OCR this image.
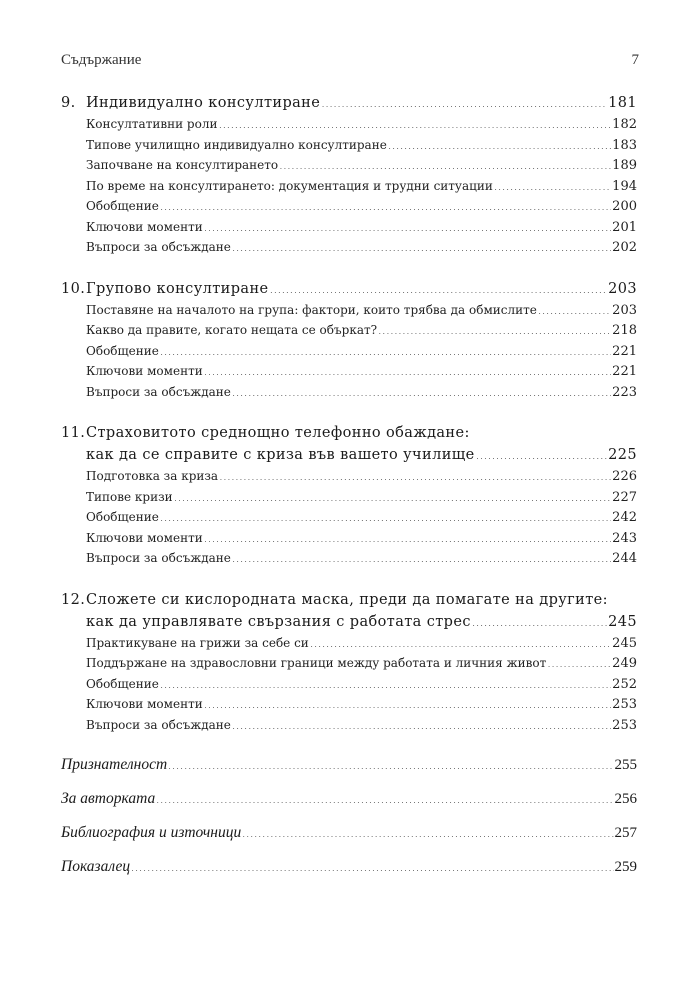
Съдържание	7
9. Индивидуално консултиране .....	181
Консултативни роли .....	182
Типове училищно индивидуално консултиране .....	183
Започване на консултирането .....	189
По време на консултирането: документация и трудни ситуации .....	194
Обобщение .....	200
Ключови моменти .....	201
Въпроси за обсъждане .....	202
10.Групово консултиране .....	203
Поставяне на началото на група: фактори, които трябва да обмислите .....	203
Какво да правите, когато нещата се объркат? .....	218
Обобщение .....	221
Ключови моменти .....	221
Въпроси за обсъждане .....	223
11.Страховитото среднощно телефонно обаждане:
как да се справите с криза във вашето училище .....	225
Подготовка за криза .....	226
Типове кризи .....	227
Обобщение .....	242
Ключови моменти .....	243
Въпроси за обсъждане .....	244
12.Сложете си кислородната маска, преди да помагате на другите:
как да управлявате свързания с работата стрес .....	245
Практикуване на грижи за себе си .....	245
Поддържане на здравословни граници между работата и личния живот .....	249
Обобщение .....	252
Ключови моменти .....	253
Въпроси за обсъждане .....	253
Признателност .....	255
За авторката .....	256
Библиография и източници .....	257
Показалец .....	259
